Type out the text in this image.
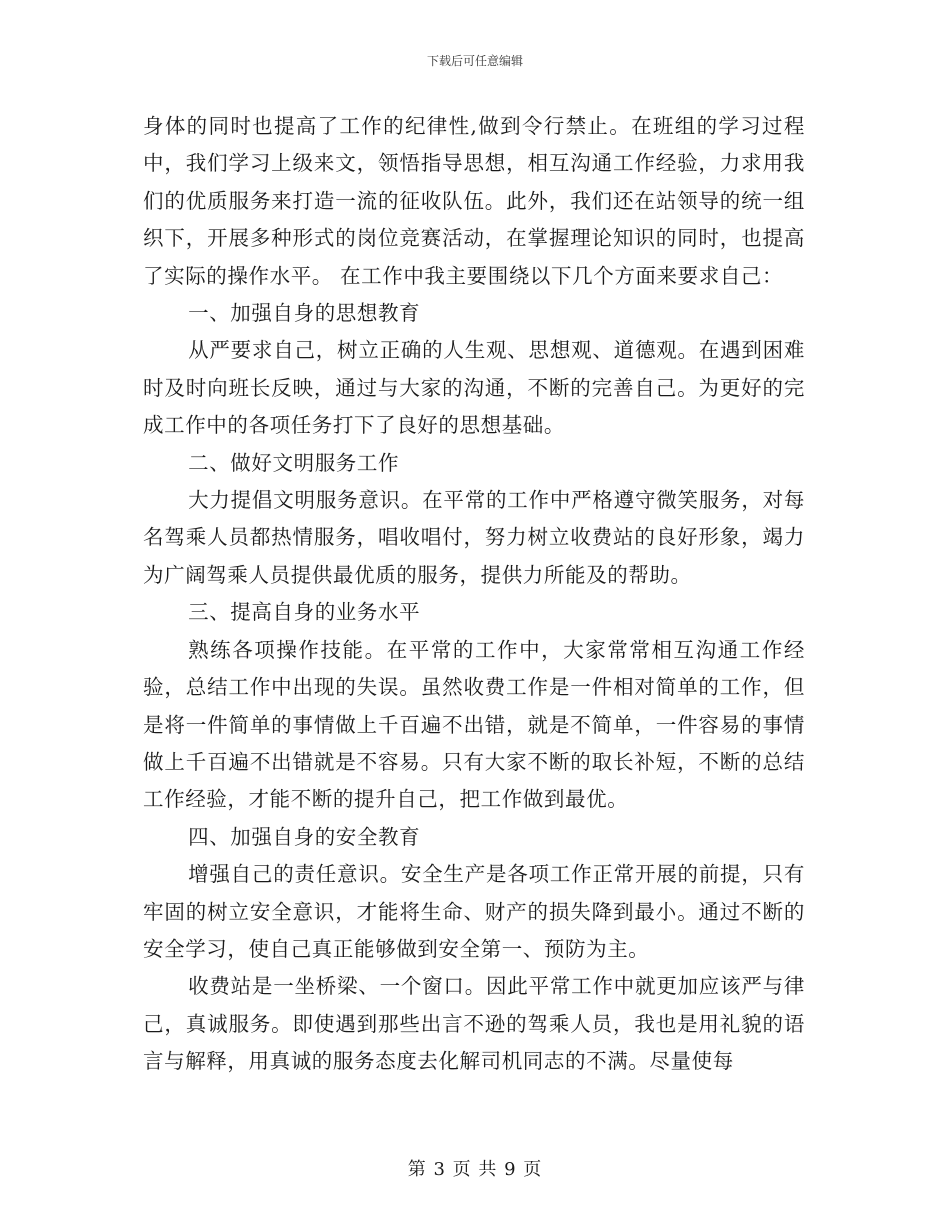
下载后可任意编辑

身体的同时也提高了工作的纪律性,做到令行禁止。在班组的学习过程中，我们学习上级来文，领悟指导思想，相互沟通工作经验，力求用我们的优质服务来打造一流的征收队伍。此外，我们还在站领导的统一组织下，开展多种形式的岗位竞赛活动，在掌握理论知识的同时，也提高了实际的操作水平。 在工作中我主要围绕以下几个方面来要求自己：

一、加强自身的思想教育

从严要求自己，树立正确的人生观、思想观、道德观。在遇到困难时及时向班长反映，通过与大家的沟通，不断的完善自己。为更好的完成工作中的各项任务打下了良好的思想基础。

二、做好文明服务工作

大力提倡文明服务意识。在平常的工作中严格遵守微笑服务，对每名驾乘人员都热情服务，唱收唱付，努力树立收费站的良好形象，竭力为广阔驾乘人员提供最优质的服务，提供力所能及的帮助。

三、提高自身的业务水平

熟练各项操作技能。在平常的工作中，大家常常相互沟通工作经验，总结工作中出现的失误。虽然收费工作是一件相对简单的工作，但是将一件简单的事情做上千百遍不出错，就是不简单，一件容易的事情做上千百遍不出错就是不容易。只有大家不断的取长补短，不断的总结工作经验，才能不断的提升自己，把工作做到最优。

四、加强自身的安全教育

增强自己的责任意识。安全生产是各项工作正常开展的前提，只有牢固的树立安全意识，才能将生命、财产的损失降到最小。通过不断的安全学习，使自己真正能够做到安全第一、预防为主。

收费站是一坐桥梁、一个窗口。因此平常工作中就更加应该严与律己，真诚服务。即使遇到那些出言不逊的驾乘人员，我也是用礼貌的语言与解释，用真诚的服务态度去化解司机同志的不满。尽量使每

第 3 页 共 9 页
